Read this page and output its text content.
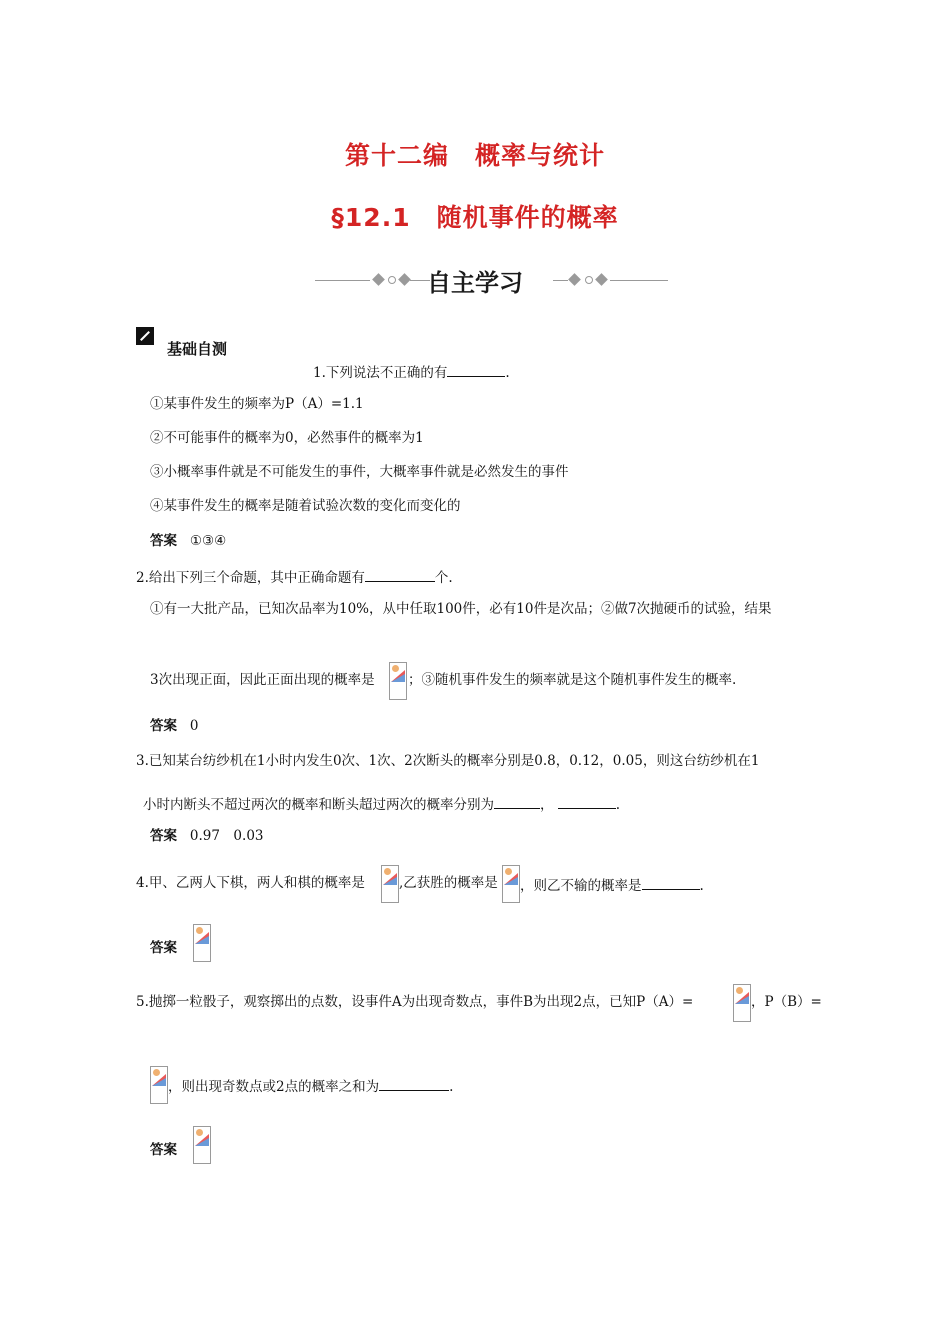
第十二编　概率与统计
§12.1　随机事件的概率
自主学习
基础自测
1.下列说法不正确的有	.
①某事件发生的频率为P（A）=1.1
②不可能事件的概率为0，必然事件的概率为1
③小概率事件就是不可能发生的事件，大概率事件就是必然发生的事件
④某事件发生的概率是随着试验次数的变化而变化的
答案 ①③④
2.给出下列三个命题，其中正确命题有	个.
①有一大批产品，已知次品率为10%，从中任取100件，必有10件是次品；②做7次抛硬币的试验，结果
3次出现正面，因此正面出现的概率是 ；③随机事件发生的频率就是这个随机事件发生的概率.
答案 0
3.已知某台纺纱机在1小时内发生0次、1次、2次断头的概率分别是0.8，0.12，0.05，则这台纺纱机在1
小时内断头不超过两次的概率和断头超过两次的概率分别为	，	.
答案 0.97　0.03
4.甲、乙两人下棋，两人和棋的概率是	,乙获胜的概率是 ，则乙不输的概率是	.
答案
5.抛掷一粒骰子，观察掷出的点数，设事件A为出现奇数点，事件B为出现2点，已知P（A）=	，P（B）=
，则出现奇数点或2点的概率之和为	.
答案
